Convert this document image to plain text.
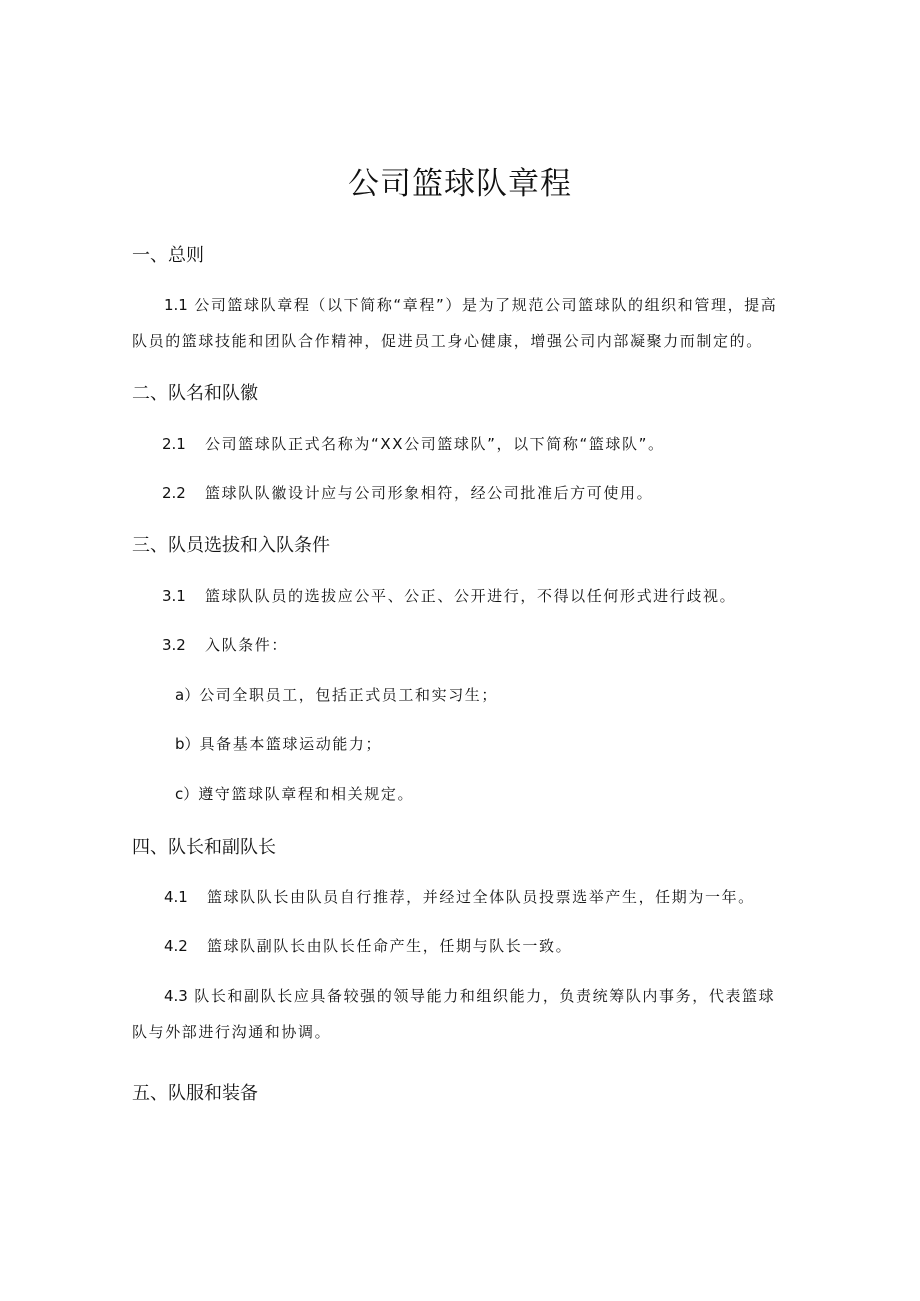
公司篮球队章程
一、总则

1.1 公司篮球队章程（以下简称“章程”）是为了规范公司篮球队的组织和管理，提高

队员的篮球技能和团队合作精神，促进员工身心健康，增强公司内部凝聚力而制定的。

二、队名和队徽

2.1 公司篮球队正式名称为“XX公司篮球队”，以下简称“篮球队”。

2.2 篮球队队徽设计应与公司形象相符，经公司批准后方可使用。

三、队员选拔和入队条件

3.1 篮球队队员的选拔应公平、公正、公开进行，不得以任何形式进行歧视。

3.2 入队条件：

a）公司全职员工，包括正式员工和实习生；

b）具备基本篮球运动能力；

c）遵守篮球队章程和相关规定。

四、队长和副队长

4.1 篮球队队长由队员自行推荐，并经过全体队员投票选举产生，任期为一年。

4.2 篮球队副队长由队长任命产生，任期与队长一致。

4.3 队长和副队长应具备较强的领导能力和组织能力，负责统筹队内事务，代表篮球

队与外部进行沟通和协调。

五、队服和装备
